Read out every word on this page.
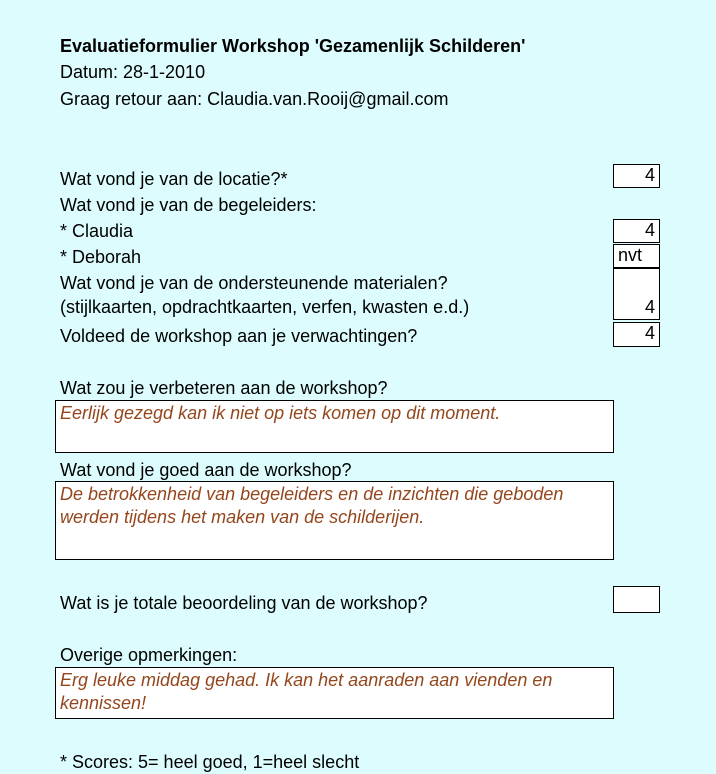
Evaluatieformulier Workshop 'Gezamenlijk Schilderen'
Datum: 28-1-2010
Graag retour aan: Claudia.van.Rooij@gmail.com
Wat vond je van de locatie?*	4
Wat vond je van de begeleiders:
* Claudia	4
* Deborah	nvt
Wat vond je van de ondersteunende materialen?
(stijlkaarten, opdrachtkaarten, verfen, kwasten e.d.)	4
Voldeed de workshop aan je verwachtingen?	4
Wat zou je verbeteren aan de workshop?
Eerlijk gezegd kan ik niet op iets komen op dit moment.
Wat vond je goed aan de workshop?
De betrokkenheid van begeleiders en de inzichten die geboden werden tijdens het maken van de schilderijen.
Wat is je totale beoordeling van de workshop?
Overige opmerkingen:
Erg leuke middag gehad. Ik kan het aanraden aan vienden en kennissen!
* Scores: 5= heel goed, 1=heel slecht
